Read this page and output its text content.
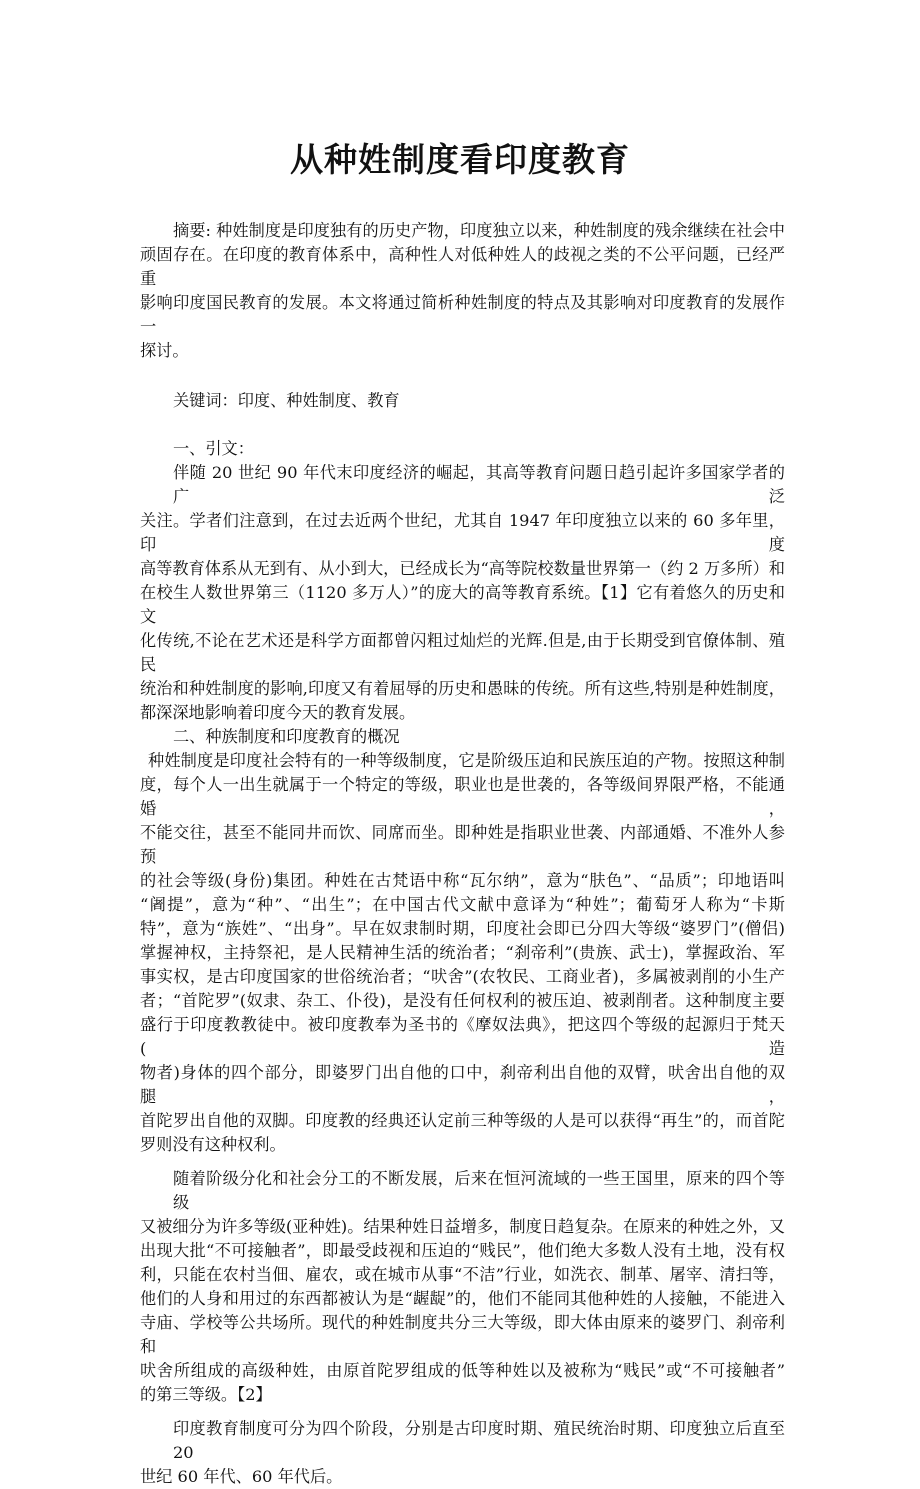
从种姓制度看印度教育
摘要: 种姓制度是印度独有的历史产物，印度独立以来，种姓制度的残余继续在社会中
顽固存在。在印度的教育体系中，高种性人对低种姓人的歧视之类的不公平问题，已经严重
影响印度国民教育的发展。本文将通过简析种姓制度的特点及其影响对印度教育的发展作一
探讨。
关键词：印度、种姓制度、教育
一、引文：
伴随 20 世纪 90 年代末印度经济的崛起，其高等教育问题日趋引起许多国家学者的广泛
关注。学者们注意到，在过去近两个世纪，尤其自 1947 年印度独立以来的 60 多年里，印度
高等教育体系从无到有、从小到大，已经成长为“高等院校数量世界第一（约 2 万多所）和
在校生人数世界第三（1120 多万人）”的庞大的高等教育系统。【1】它有着悠久的历史和文
化传统,不论在艺术还是科学方面都曾闪粗过灿烂的光辉.但是,由于长期受到官僚体制、殖民
统治和种姓制度的影响,印度又有着屈辱的历史和愚昧的传统。所有这些,特别是种姓制度，
都深深地影响着印度今天的教育发展。
二、种族制度和印度教育的概况
种姓制度是印度社会特有的一种等级制度，它是阶级压迫和民族压迫的产物。按照这种制
度，每个人一出生就属于一个特定的等级，职业也是世袭的，各等级间界限严格，不能通婚，
不能交往，甚至不能同井而饮、同席而坐。即种姓是指职业世袭、内部通婚、不准外人参预
的社会等级(身份)集团。种姓在古梵语中称“瓦尔纳”，意为“肤色”、“品质”；印地语叫
“阇提”，意为“种”、“出生”；在中国古代文献中意译为“种姓”；葡萄牙人称为“卡斯
特”，意为“族姓”、“出身”。早在奴隶制时期，印度社会即已分四大等级“婆罗门”(僧侣)
掌握神权，主持祭祀，是人民精神生活的统治者；“刹帝利”(贵族、武士)，掌握政治、军
事实权，是古印度国家的世俗统治者；“吠舍”(农牧民、工商业者)，多属被剥削的小生产
者；“首陀罗”(奴隶、杂工、仆役)，是没有任何权利的被压迫、被剥削者。这种制度主要
盛行于印度教教徒中。被印度教奉为圣书的《摩奴法典》，把这四个等级的起源归于梵天(造
物者)身体的四个部分，即婆罗门出自他的口中，刹帝利出自他的双臂，吠舍出自他的双腿，
首陀罗出自他的双脚。印度教的经典还认定前三种等级的人是可以获得“再生”的，而首陀
罗则没有这种权利。
随着阶级分化和社会分工的不断发展，后来在恒河流域的一些王国里，原来的四个等级
又被细分为许多等级(亚种姓)。结果种姓日益增多，制度日趋复杂。在原来的种姓之外，又
出现大批“不可接触者”，即最受歧视和压迫的“贱民”，他们绝大多数人没有土地，没有权
利，只能在农村当佃、雇农，或在城市从事“不洁”行业，如洗衣、制革、屠宰、清扫等，
他们的人身和用过的东西都被认为是“龌龊”的，他们不能同其他种姓的人接触，不能进入
寺庙、学校等公共场所。现代的种姓制度共分三大等级，即大体由原来的婆罗门、刹帝利和
吠舍所组成的高级种姓，由原首陀罗组成的低等种姓以及被称为“贱民”或“不可接触者”
的第三等级。【2】
印度教育制度可分为四个阶段，分别是古印度时期、殖民统治时期、印度独立后直至 20
世纪 60 年代、60 年代后。
